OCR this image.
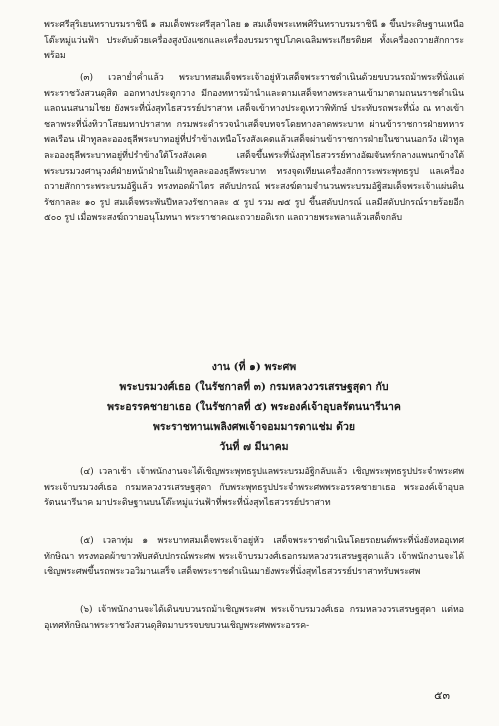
พระศรีสุริเยนทราบรมราชินี ๑ สมเด็จพระศรีสุลาไลย ๑ สมเด็จพระเทพศิรินทราบรมราชินี ๑ ขึ้นประดิษฐานเหนือโต๊ะหมู่แว่นฟ้า ประดับด้วยเครื่องสูงบังแซกและเครื่องบรมราชูปโภคเฉลิมพระเกียรติยศ ทั้งเครื่องถวายสักการะพร้อม

(๓) เวลาย่ำค่ำแล้ว พระบาทสมเด็จพระเจ้าอยู่หัวเสด็จพระราชดำเนินด้วยขบวนรถม้าพระที่นั่งแต่พระราชวังสวนดุสิต ออกทางประตูกวาง มีกองทหารม้านำและตามเสด็จทางพระลานเข้ามาตามถนนราชดำเนิน แลถนนสนามไชย ยังพระที่นั่งสุทไธสวรรย์ปราสาท เสด็จเข้าทางประตูเทวาพิทักษ์ ประทับรถพระที่นั่ง ณ ทางเข้าชลาพระที่นั่งทิวาโสยมทาปราสาท กรมพระดำรวจนำเสด็จบทจรโดยทางลาดพระบาท ผ่านข้าราชการฝ่ายทหารพลเรือน เฝ้าทูลละอองธุลีพระบาทอยู่ที่ปรำข้างเหนือโรงสังเคตแล้วเสด็จผ่านข้าราชการฝ่ายในชานนอกวัง เฝ้าทูลละอองธุลีพระบาทอยู่ที่ปรำข้างใต้โรงสังเคต เสด็จขึ้นพระที่นั่งสุทไธสวรรย์ทางอัฒจันทร์กลางแพนกข้างใต้ พระบรมวงศานุวงศ์ฝ่ายหน้าฝ่ายในเฝ้าทูลละอองธุลีพระบาท ทรงจุดเทียนเครื่องสักการะพระพุทธรูป แลเครื่องถวายสักการะพระบรมอัฐิแล้ว ทรงทอดผ้าไตร สดับปกรณ์ พระสงฆ์ตามจำนวนพระบรมอัฐิสมเด็จพระเจ้าแผ่นดินรัชกาลละ ๑๐ รูป สมเด็จพระพันปีหลวงรัชกาลละ ๕ รูป รวม ๗๕ รูป ขึ้นสดับปกรณ์ แลมีสดับปกรณ์รายร้อยอีก ๕๐๐ รูป เมื่อพระสงฆ์ถวายอนุโมทนา พระราชาคณะถวายอดิเรก แลถวายพระพลาแล้วเสด็จกลับ

งาน (ที่ ๑) พระศพ
พระบรมวงศ์เธอ (ในรัชกาลที่ ๓) กรมหลวงวรเสรษฐสุดา กับ
พระอรรคชายาเธอ (ในรัชกาลที่ ๕) พระองค์เจ้าอุบลรัตนนารีนาค
พระราชทานเพลิงศพเจ้าจอมมารดาแช่ม ด้วย
วันที่ ๗ มีนาคม

(๔) เวลาเช้า เจ้าพนักงานจะได้เชิญพระพุทธรูปแลพระบรมอัฐิกลับแล้ว เชิญพระพุทธรูปประจำพระศพ พระเจ้าบรมวงศ์เธอ กรมหลวงวรเสรษฐสุดา กับพระพุทธรูปประจำพระศพพระอรรคชายาเธอ พระองค์เจ้าอุบลรัตนนารีนาค มาประดิษฐานบนโต๊ะหมู่แว่นฟ้าที่พระที่นั่งสุทไธสวรรย์ปราสาท

(๕) เวลาทุ่ม ๑ พระบาทสมเด็จพระเจ้าอยู่หัว เสด็จพระราชดำเนินโดยรถยนต์พระที่นั่งยังหออุเทศทักษิณา ทรงทอดผ้าขาวพับสดับปกรณ์พระศพ พระเจ้าบรมวงศ์เธอกรมหลวงวรเสรษฐสุดาแล้ว เจ้าพนักงานจะได้เชิญพระศพขึ้นรถพระวอวิมานเสร็จ เสด็จพระราชดำเนินมายังพระที่นั่งสุทไธสวรรย์ปราสาทรับพระศพ

(๖) เจ้าพนักงานจะได้เดินขบวนรถม้าเชิญพระศพ พระเจ้าบรมวงศ์เธอ กรมหลวงวรเสรษฐสุดา แต่หออุเทศทักษิณาพระราชวังสวนดุสิตมาบรรจบขบวนเชิญพระศพพระอรรค-

๕๓
